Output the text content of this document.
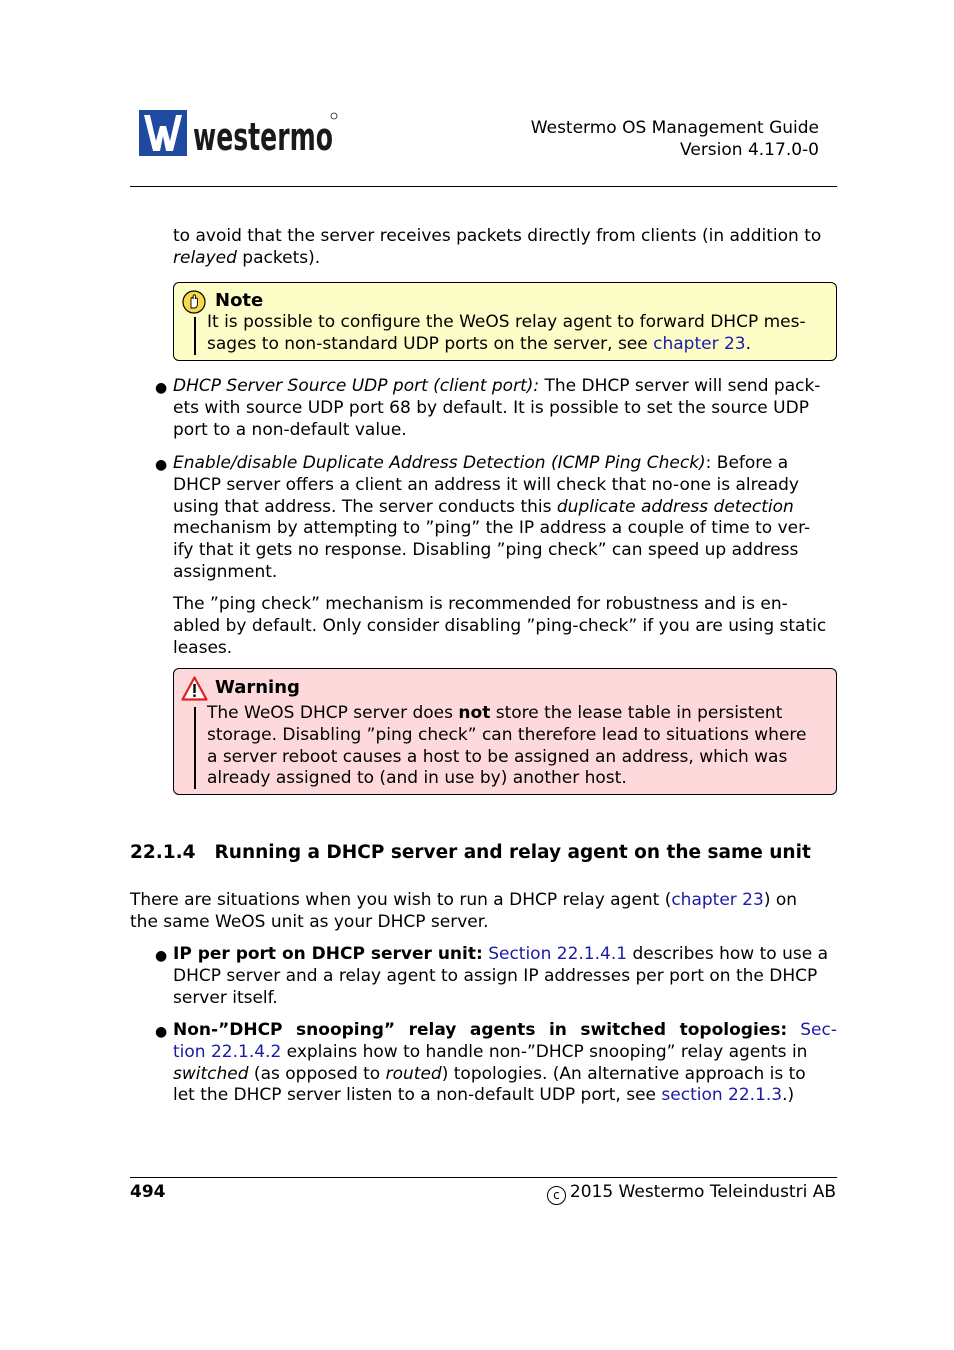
westermo	Westermo OS Management Guide
Version 4.17.0-0
to avoid that the server receives packets directly from clients (in addition to
relayed packets).
Note
It is possible to configure the WeOS relay agent to forward DHCP mes-
sages to non-standard UDP ports on the server, see chapter 23.
● DHCP Server Source UDP port (client port): The DHCP server will send pack-
ets with source UDP port 68 by default. It is possible to set the source UDP
port to a non-default value.
● Enable/disable Duplicate Address Detection (ICMP Ping Check): Before a
DHCP server offers a client an address it will check that no-one is already
using that address. The server conducts this duplicate address detection
mechanism by attempting to ”ping” the IP address a couple of time to ver-
ify that it gets no response. Disabling ”ping check” can speed up address
assignment.
The ”ping check” mechanism is recommended for robustness and is en-
abled by default. Only consider disabling ”ping-check” if you are using static
leases.
Warning
The WeOS DHCP server does not store the lease table in persistent
storage. Disabling ”ping check” can therefore lead to situations where
a server reboot causes a host to be assigned an address, which was
already assigned to (and in use by) another host.
22.1.4 Running a DHCP server and relay agent on the same unit
There are situations when you wish to run a DHCP relay agent (chapter 23) on
the same WeOS unit as your DHCP server.
● IP per port on DHCP server unit: Section 22.1.4.1 describes how to use a
DHCP server and a relay agent to assign IP addresses per port on the DHCP
server itself.
● Non-”DHCP snooping” relay agents in switched topologies: Sec-
tion 22.1.4.2 explains how to handle non-”DHCP snooping” relay agents in
switched (as opposed to routed) topologies. (An alternative approach is to
let the DHCP server listen to a non-default UDP port, see section 22.1.3.)
494	c 2015 Westermo Teleindustri AB
